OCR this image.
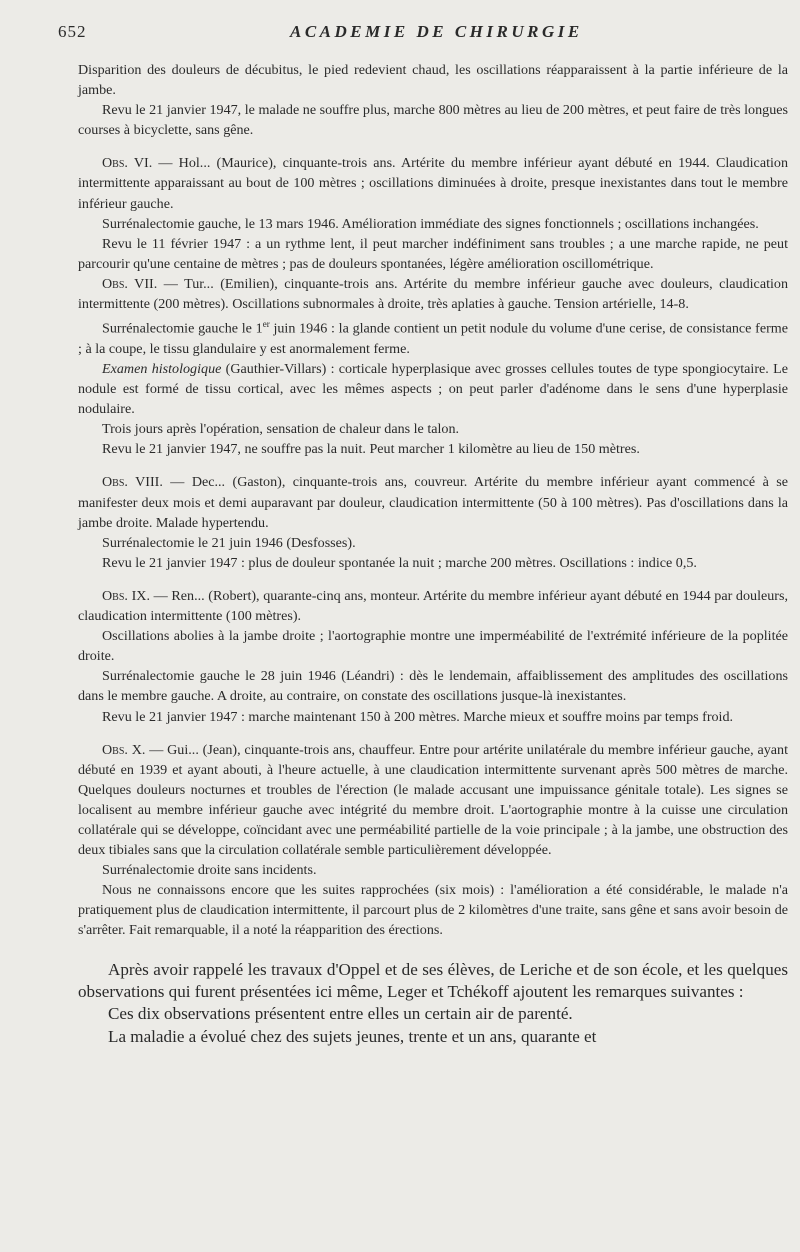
652	ACADEMIE DE CHIRURGIE

Disparition des douleurs de décubitus, le pied redevient chaud, les oscillations réapparaissent à la partie inférieure de la jambe.

Revu le 21 janvier 1947, le malade ne souffre plus, marche 800 mètres au lieu de 200 mètres, et peut faire de très longues courses à bicyclette, sans gêne.

Obs. VI. — Hol... (Maurice), cinquante-trois ans. Artérite du membre inférieur ayant débuté en 1944. Claudication intermittente apparaissant au bout de 100 mètres ; oscillations diminuées à droite, presque inexistantes dans tout le membre inférieur gauche.

Surrénalectomie gauche, le 13 mars 1946. Amélioration immédiate des signes fonctionnels ; oscillations inchangées.

Revu le 11 février 1947 : a un rythme lent, il peut marcher indéfiniment sans troubles ; a une marche rapide, ne peut parcourir qu'une centaine de mètres ; pas de douleurs spontanées, légère amélioration oscillométrique.

Obs. VII. — Tur... (Emilien), cinquante-trois ans. Artérite du membre inférieur gauche avec douleurs, claudication intermittente (200 mètres). Oscillations subnormales à droite, très aplaties à gauche. Tension artérielle, 14-8.

Surrénalectomie gauche le 1er juin 1946 : la glande contient un petit nodule du volume d'une cerise, de consistance ferme ; à la coupe, le tissu glandulaire y est anormalement ferme.

Examen histologique (Gauthier-Villars) : corticale hyperplasique avec grosses cellules toutes de type spongiocytaire. Le nodule est formé de tissu cortical, avec les mêmes aspects ; on peut parler d'adénome dans le sens d'une hyperplasie nodulaire.

Trois jours après l'opération, sensation de chaleur dans le talon.

Revu le 21 janvier 1947, ne souffre pas la nuit. Peut marcher 1 kilomètre au lieu de 150 mètres.

Obs. VIII. — Dec... (Gaston), cinquante-trois ans, couvreur. Artérite du membre inférieur ayant commencé à se manifester deux mois et demi auparavant par douleur, claudication intermittente (50 à 100 mètres). Pas d'oscillations dans la jambe droite. Malade hypertendu.

Surrénalectomie le 21 juin 1946 (Desfosses).

Revu le 21 janvier 1947 : plus de douleur spontanée la nuit ; marche 200 mètres. Oscillations : indice 0,5.

Obs. IX. — Ren... (Robert), quarante-cinq ans, monteur. Artérite du membre inférieur ayant débuté en 1944 par douleurs, claudication intermittente (100 mètres).

Oscillations abolies à la jambe droite ; l'aortographie montre une imperméabilité de l'extrémité inférieure de la poplitée droite.

Surrénalectomie gauche le 28 juin 1946 (Léandri) : dès le lendemain, affaiblissement des amplitudes des oscillations dans le membre gauche. A droite, au contraire, on constate des oscillations jusque-là inexistantes.

Revu le 21 janvier 1947 : marche maintenant 150 à 200 mètres. Marche mieux et souffre moins par temps froid.

Obs. X. — Gui... (Jean), cinquante-trois ans, chauffeur. Entre pour artérite unilatérale du membre inférieur gauche, ayant débuté en 1939 et ayant abouti, à l'heure actuelle, à une claudication intermittente survenant après 500 mètres de marche. Quelques douleurs nocturnes et troubles de l'érection (le malade accusant une impuissance génitale totale). Les signes se localisent au membre inférieur gauche avec intégrité du membre droit. L'aortographie montre à la cuisse une circulation collatérale qui se développe, coïncidant avec une perméabilité partielle de la voie principale ; à la jambe, une obstruction des deux tibiales sans que la circulation collatérale semble particulièrement développée.

Surrénalectomie droite sans incidents.

Nous ne connaissons encore que les suites rapprochées (six mois) : l'amélioration a été considérable, le malade n'a pratiquement plus de claudication intermittente, il parcourt plus de 2 kilomètres d'une traite, sans gêne et sans avoir besoin de s'arrêter. Fait remarquable, il a noté la réapparition des érections.

Après avoir rappelé les travaux d'Oppel et de ses élèves, de Leriche et de son école, et les quelques observations qui furent présentées ici même, Leger et Tchékoff ajoutent les remarques suivantes :

Ces dix observations présentent entre elles un certain air de parenté.

La maladie a évolué chez des sujets jeunes, trente et un ans, quarante et
